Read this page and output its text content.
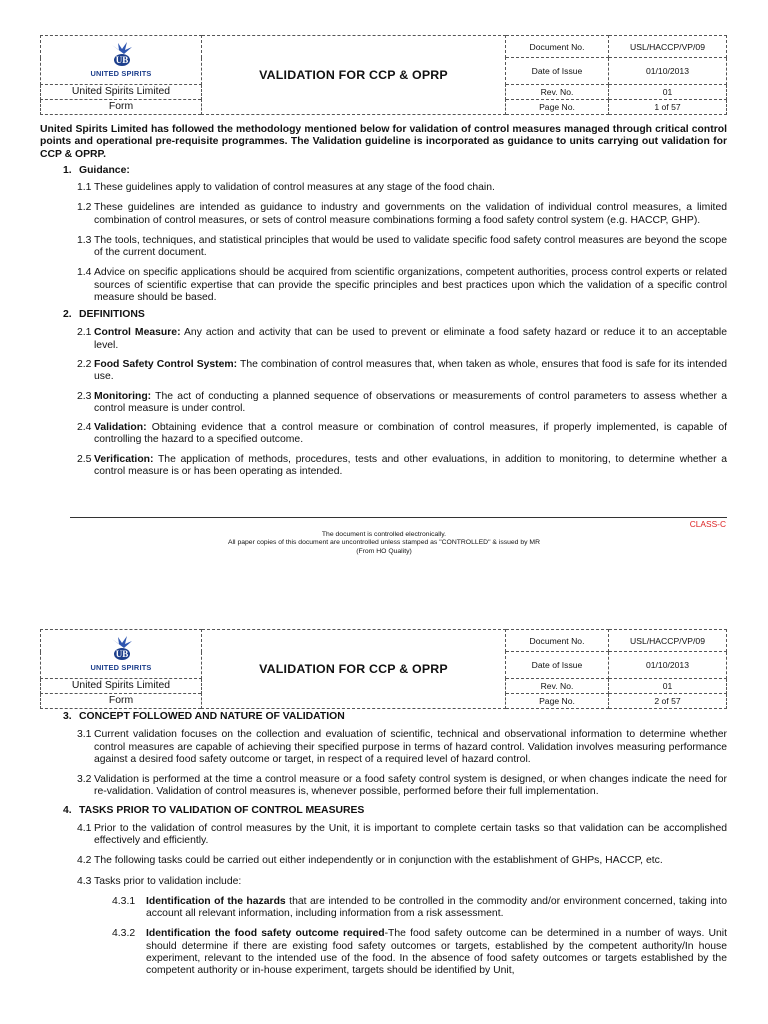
UB
UNITED SPIRITS	VALIDATION FOR CCP & OPRP	Document No.	USL/HACCP/VP/09
		Date of Issue	01/10/2013
United Spirits Limited		Rev. No.	01
Form		Page No.	1 of 57

United Spirits Limited has followed the methodology mentioned below for validation of control measures managed through critical control points and operational pre-requisite programmes. The Validation guideline is incorporated as guidance to units carrying out validation for CCP & OPRP.

1. Guidance:

1.1 These guidelines apply to validation of control measures at any stage of the food chain.
1.2 These guidelines are intended as guidance to industry and governments on the validation of individual control measures, a limited combination of control measures, or sets of control measure combinations forming a food safety control system (e.g. HACCP, GHP).
1.3 The tools, techniques, and statistical principles that would be used to validate specific food safety control measures are beyond the scope of the current document.
1.4 Advice on specific applications should be acquired from scientific organizations, competent authorities, process control experts or related sources of scientific expertise that can provide the specific principles and best practices upon which the validation of a specific control measure should be based.

2. DEFINITIONS

2.1 Control Measure: Any action and activity that can be used to prevent or eliminate a food safety hazard or reduce it to an acceptable level.
2.2 Food Safety Control System: The combination of control measures that, when taken as whole, ensures that food is safe for its intended use.
2.3 Monitoring: The act of conducting a planned sequence of observations or measurements of control parameters to assess whether a control measure is under control.
2.4 Validation: Obtaining evidence that a control measure or combination of control measures, if properly implemented, is capable of controlling the hazard to a specified outcome.
2.5 Verification: The application of methods, procedures, tests and other evaluations, in addition to monitoring, to determine whether a control measure is or has been operating as intended.
CLASS-C
The document is controlled electronically.
All paper copies of this document are uncontrolled unless stamped as "CONTROLLED" & issued by MR
(From HO Quality)
UB
UNITED SPIRITS	VALIDATION FOR CCP & OPRP	Document No.	USL/HACCP/VP/09
		Date of Issue	01/10/2013
United Spirits Limited		Rev. No.	01
Form		Page No.	2 of 57

3. CONCEPT FOLLOWED AND NATURE OF VALIDATION

3.1 Current validation focuses on the collection and evaluation of scientific, technical and observational information to determine whether control measures are capable of achieving their specified purpose in terms of hazard control. Validation involves measuring performance against a desired food safety outcome or target, in respect of a required level of hazard control.
3.2 Validation is performed at the time a control measure or a food safety control system is designed, or when changes indicate the need for re-validation. Validation of control measures is, whenever possible, performed before their full implementation.

4. TASKS PRIOR TO VALIDATION OF CONTROL MEASURES

4.1 Prior to the validation of control measures by the Unit, it is important to complete certain tasks so that validation can be accomplished effectively and efficiently.
4.2 The following tasks could be carried out either independently or in conjunction with the establishment of GHPs, HACCP, etc.
4.3 Tasks prior to validation include:
4.3.1	Identification of the hazards that are intended to be controlled in the commodity and/or environment concerned, taking into account all relevant information, including information from a risk assessment.
4.3.2	Identification the food safety outcome required-The food safety outcome can be determined in a number of ways. Unit should determine if there are existing food safety outcomes or targets, established by the competent authority/In house experiment, relevant to the intended use of the food. In the absence of food safety outcomes or targets established by the competent authority or in-house experiment, targets should be identified by Unit,
